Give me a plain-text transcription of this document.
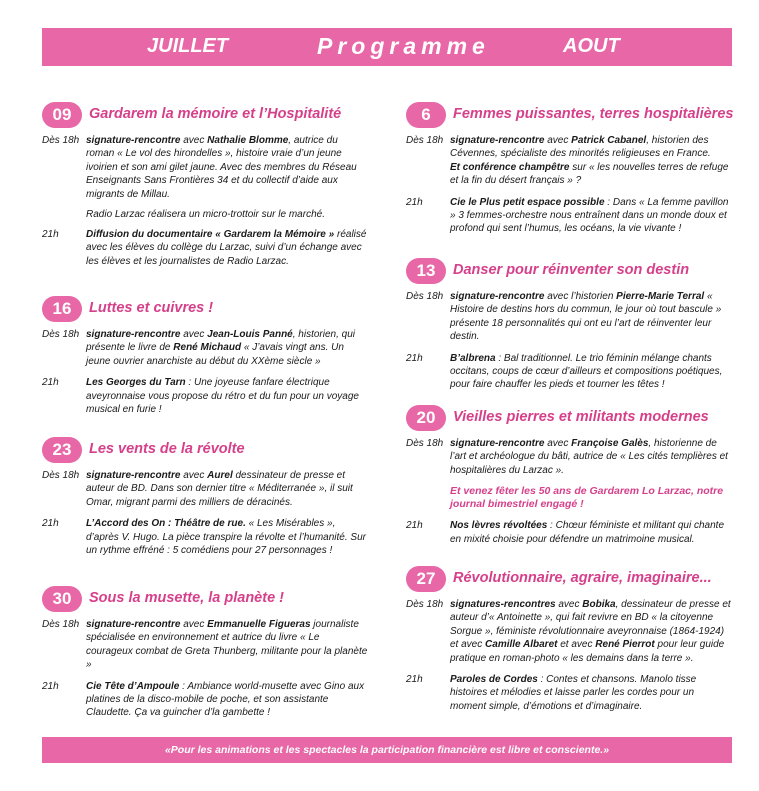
JUILLET	Programme	AOUT
09	Gardarem la mémoire et l’Hospitalité
Dès 18h signature-rencontre avec Nathalie Blomme, autrice du roman « Le vol des hirondelles », histoire vraie d’un jeune ivoirien et son ami gilet jaune. Avec des membres du Réseau Enseignants Sans Frontières 34 et du collectif d’aide aux migrants de Millau.
Radio Larzac réalisera un micro-trottoir sur le marché.
21h	Diffusion du documentaire « Gardarem la Mémoire » réalisé avec les élèves du collège du Larzac, suivi d’un échange avec les élèves et les journalistes de Radio Larzac.
16	Luttes et cuivres !
Dès 18h signature-rencontre avec Jean-Louis Panné, historien, qui présente le livre de René Michaud « J’avais vingt ans. Un jeune ouvrier anarchiste au début du XXème siècle »
21h	Les Georges du Tarn : Une joyeuse fanfare électrique aveyronnaise vous propose du rétro et du fun pour un voyage musical en furie !
23	Les vents de la révolte
Dès 18h signature-rencontre avec Aurel dessinateur de presse et auteur de BD. Dans son dernier titre « Méditerranée », il suit Omar, migrant parmi des milliers de déracinés.
21h	L’Accord des On : Théâtre de rue. « Les Misérables », d’après V. Hugo. La pièce transpire la révolte et l’humanité. Sur un rythme effréné : 5 comédiens pour 27 personnages !
30	Sous la musette, la planète !
Dès 18h signature-rencontre avec Emmanuelle Figueras journaliste spécialisée en environnement et autrice du livre « Le courageux combat de Greta Thunberg, militante pour la planète »
21h	Cie Tête d’Ampoule : Ambiance world-musette avec Gino aux platines de la disco-mobile de poche, et son assistante Claudette. Ça va guincher d’la gambette !
6	Femmes puissantes, terres hospitalières
Dès 18h signature-rencontre avec Patrick Cabanel, historien des Cévennes, spécialiste des minorités religieuses en France.
Et conférence champêtre sur « les nouvelles terres de refuge et la fin du désert français » ?
21h	Cie le Plus petit espace possible : Dans « La femme pavillon » 3 femmes-orchestre nous entraînent dans un monde doux et profond qui sent l’humus, les océans, la vie vivante !
13	Danser pour réinventer son destin
Dès 18h signature-rencontre avec l’historien Pierre-Marie Terral « Histoire de destins hors du commun, le jour où tout bascule » présente 18 personnalités qui ont eu l’art de réinventer leur destin.
21h	B’albrena : Bal traditionnel. Le trio féminin mélange chants occitans, coups de cœur d’ailleurs et compositions poétiques, pour faire chauffer les pieds et tourner les têtes !
20	Vieilles pierres et militants modernes
Dès 18h signature-rencontre avec Françoise Galès, historienne de l’art et archéologue du bâti, autrice de « Les cités templières et hospitalières du Larzac ».
Et venez fêter les 50 ans de Gardarem Lo Larzac, notre journal bimestriel engagé !
21h	Nos lèvres révoltées : Chœur féministe et militant qui chante en mixité choisie pour défendre un matrimoine musical.
27	Révolutionnaire, agraire, imaginaire...
Dès 18h signatures-rencontres avec Bobika, dessinateur de presse et auteur d’« Antoinette », qui fait revivre en BD « la citoyenne Sorgue », féministe révolutionnaire aveyronnaise (1864-1924) et avec Camille Albaret et avec René Pierrot pour leur guide pratique en roman-photo « les demains dans la terre ».
21h	Paroles de Cordes : Contes et chansons. Manolo tisse histoires et mélodies et laisse parler les cordes pour un moment simple, d’émotions et d’imaginaire.
«Pour les animations et les spectacles la participation financière est libre et consciente.»
